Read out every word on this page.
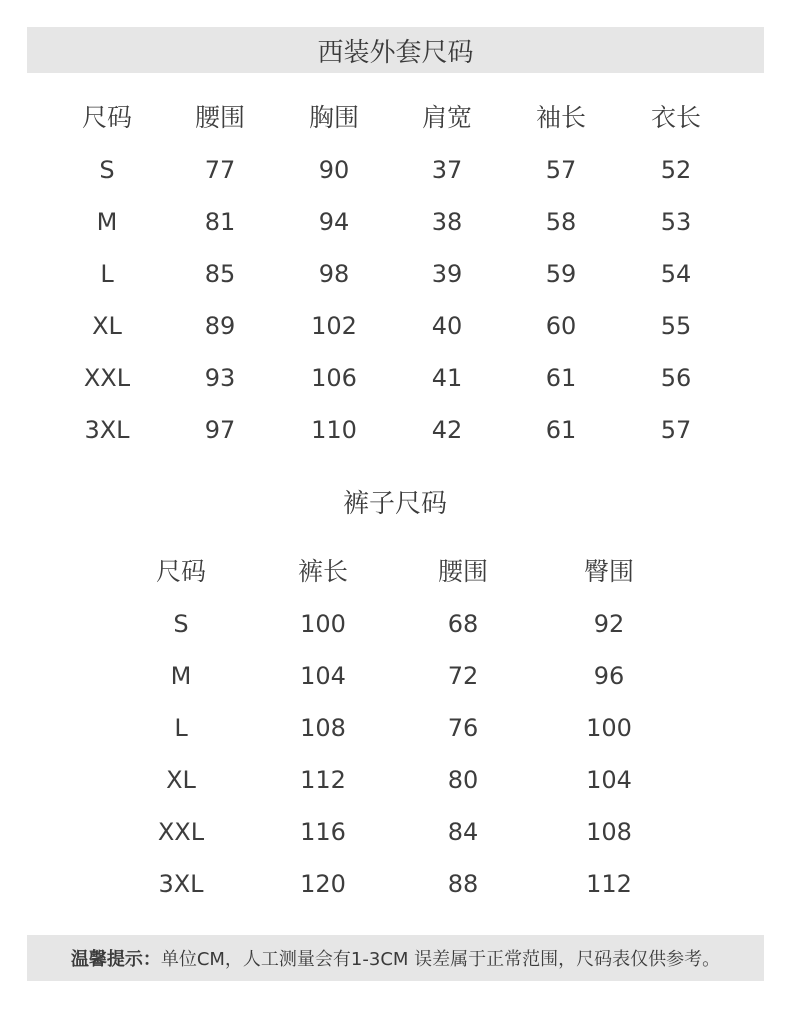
西装外套尺码
尺码	腰围	胸围	肩宽	袖长	衣长
S	77	90	37	57	52
M	81	94	38	58	53
L	85	98	39	59	54
XL	89	102	40	60	55
XXL	93	106	41	61	56
3XL	97	110	42	61	57
裤子尺码
尺码	裤长	腰围	臀围
S	100	68	92
M	104	72	96
L	108	76	100
XL	112	80	104
XXL	116	84	108
3XL	120	88	112
温馨提示： 单位CM，人工测量会有1-3CM 误差属于正常范围，尺码表仅供参考。
